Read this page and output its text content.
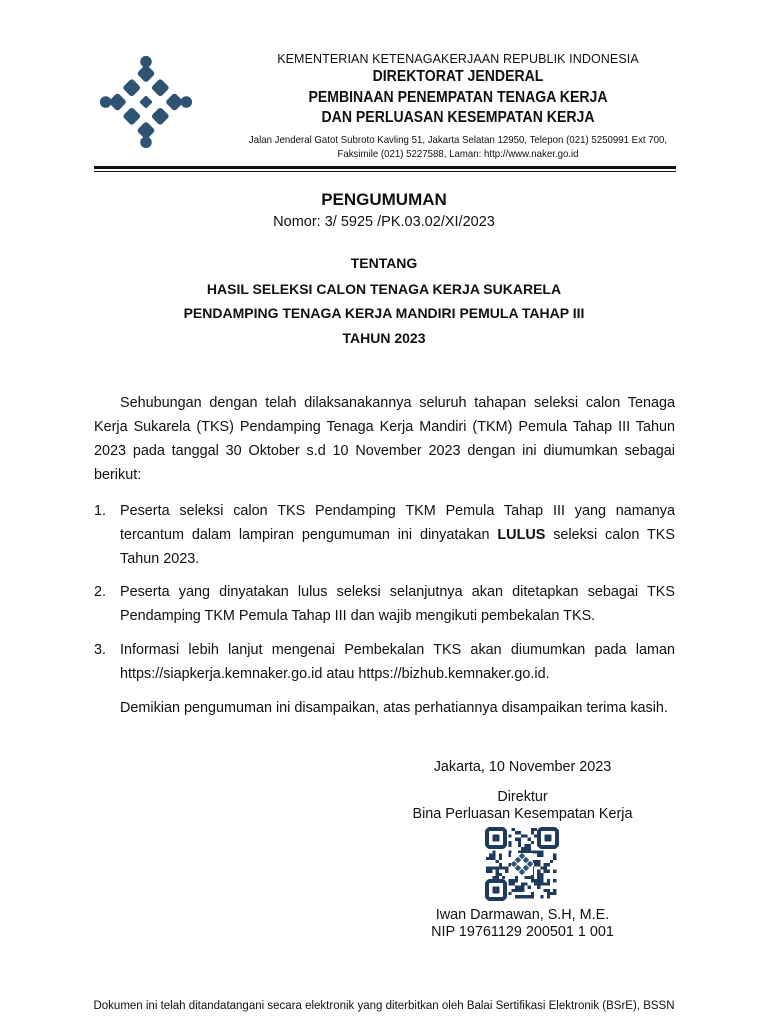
KEMENTERIAN KETENAGAKERJAAN REPUBLIK INDONESIA
DIREKTORAT JENDERAL
PEMBINAAN PENEMPATAN TENAGA KERJA
DAN PERLUASAN KESEMPATAN KERJA
Jalan Jenderal Gatot Subroto Kavling 51, Jakarta Selatan 12950, Telepon (021) 5250991 Ext 700,
Faksimile (021) 5227588, Laman: http://www.naker.go.id
PENGUMUMAN
Nomor: 3/ 5925 /PK.03.02/XI/2023
TENTANG
HASIL SELEKSI CALON TENAGA KERJA SUKARELA
PENDAMPING TENAGA KERJA MANDIRI PEMULA TAHAP III
TAHUN 2023
Sehubungan dengan telah dilaksanakannya seluruh tahapan seleksi calon Tenaga Kerja Sukarela (TKS) Pendamping Tenaga Kerja Mandiri (TKM) Pemula Tahap III Tahun 2023 pada tanggal 30 Oktober s.d 10 November 2023 dengan ini diumumkan sebagai berikut:
1. Peserta seleksi calon TKS Pendamping TKM Pemula Tahap III yang namanya tercantum dalam lampiran pengumuman ini dinyatakan LULUS seleksi calon TKS Tahun 2023.
2. Peserta yang dinyatakan lulus seleksi selanjutnya akan ditetapkan sebagai TKS Pendamping TKM Pemula Tahap III dan wajib mengikuti pembekalan TKS.
3. Informasi lebih lanjut mengenai Pembekalan TKS akan diumumkan pada laman https://siapkerja.kemnaker.go.id atau https://bizhub.kemnaker.go.id.
Demikian pengumuman ini disampaikan, atas perhatiannya disampaikan terima kasih.
Jakarta, 10 November 2023
Direktur
Bina Perluasan Kesempatan Kerja
Iwan Darmawan, S.H, M.E.
NIP 19761129 200501 1 001
Dokumen ini telah ditandatangani secara elektronik yang diterbitkan oleh Balai Sertifikasi Elektronik (BSrE), BSSN
